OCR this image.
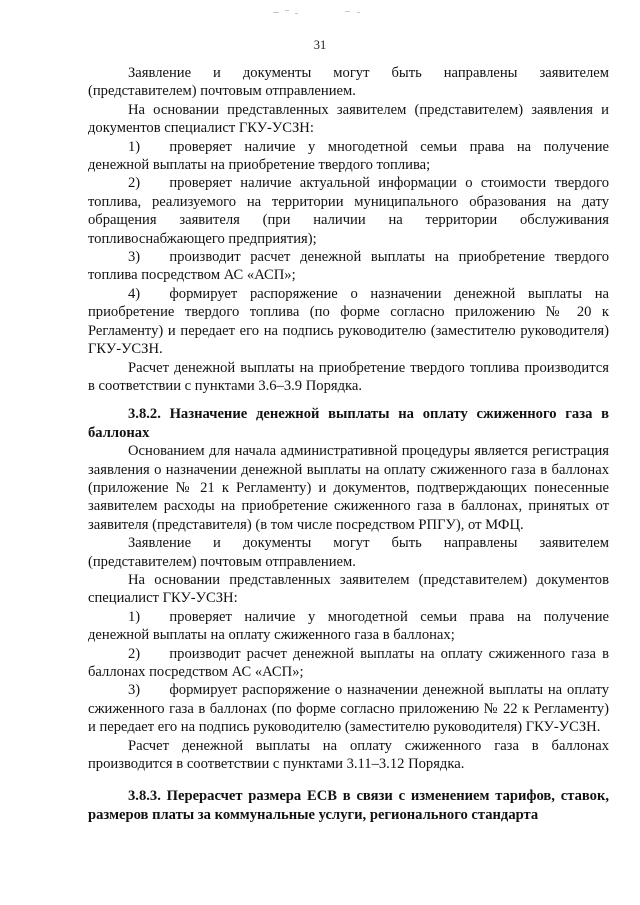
31

Заявление и документы могут быть направлены заявителем (представителем) почтовым отправлением.

На основании представленных заявителем (представителем) заявления и документов специалист ГКУ-УСЗН:

1)  проверяет наличие у многодетной семьи права на получение денежной выплаты на приобретение твердого топлива;

2)  проверяет наличие актуальной информации о стоимости твердого топлива, реализуемого на территории муниципального образования на дату обращения заявителя (при наличии на территории обслуживания топливоснабжающего предприятия);

3)  производит расчет денежной выплаты на приобретение твердого топлива посредством АС «АСП»;

4)  формирует распоряжение о назначении денежной выплаты на приобретение твердого топлива (по форме согласно приложению № 20 к Регламенту) и передает его на подпись руководителю (заместителю руководителя) ГКУ-УСЗН.

Расчет денежной выплаты на приобретение твердого топлива производится в соответствии с пунктами 3.6–3.9 Порядка.

3.8.2. Назначение денежной выплаты на оплату сжиженного газа в баллонах

Основанием для начала административной процедуры является регистрация заявления о назначении денежной выплаты на оплату сжиженного газа в баллонах (приложение № 21 к Регламенту) и документов, подтверждающих понесенные заявителем расходы на приобретение сжиженного газа в баллонах, принятых от заявителя (представителя) (в том числе посредством РПГУ), от МФЦ.

Заявление и документы могут быть направлены заявителем (представителем) почтовым отправлением.

На основании представленных заявителем (представителем) документов специалист ГКУ-УСЗН:

1)  проверяет наличие у многодетной семьи права на получение денежной выплаты на оплату сжиженного газа в баллонах;

2)  производит расчет денежной выплаты на оплату сжиженного газа в баллонах посредством АС «АСП»;

3)  формирует распоряжение о назначении денежной выплаты на оплату сжиженного газа в баллонах (по форме согласно приложению № 22 к Регламенту) и передает его на подпись руководителю (заместителю руководителя) ГКУ-УСЗН.

Расчет денежной выплаты на оплату сжиженного газа в баллонах производится в соответствии с пунктами 3.11–3.12 Порядка.

3.8.3. Перерасчет размера ЕСВ в связи с изменением тарифов, ставок, размеров платы за коммунальные услуги, регионального стандарта
